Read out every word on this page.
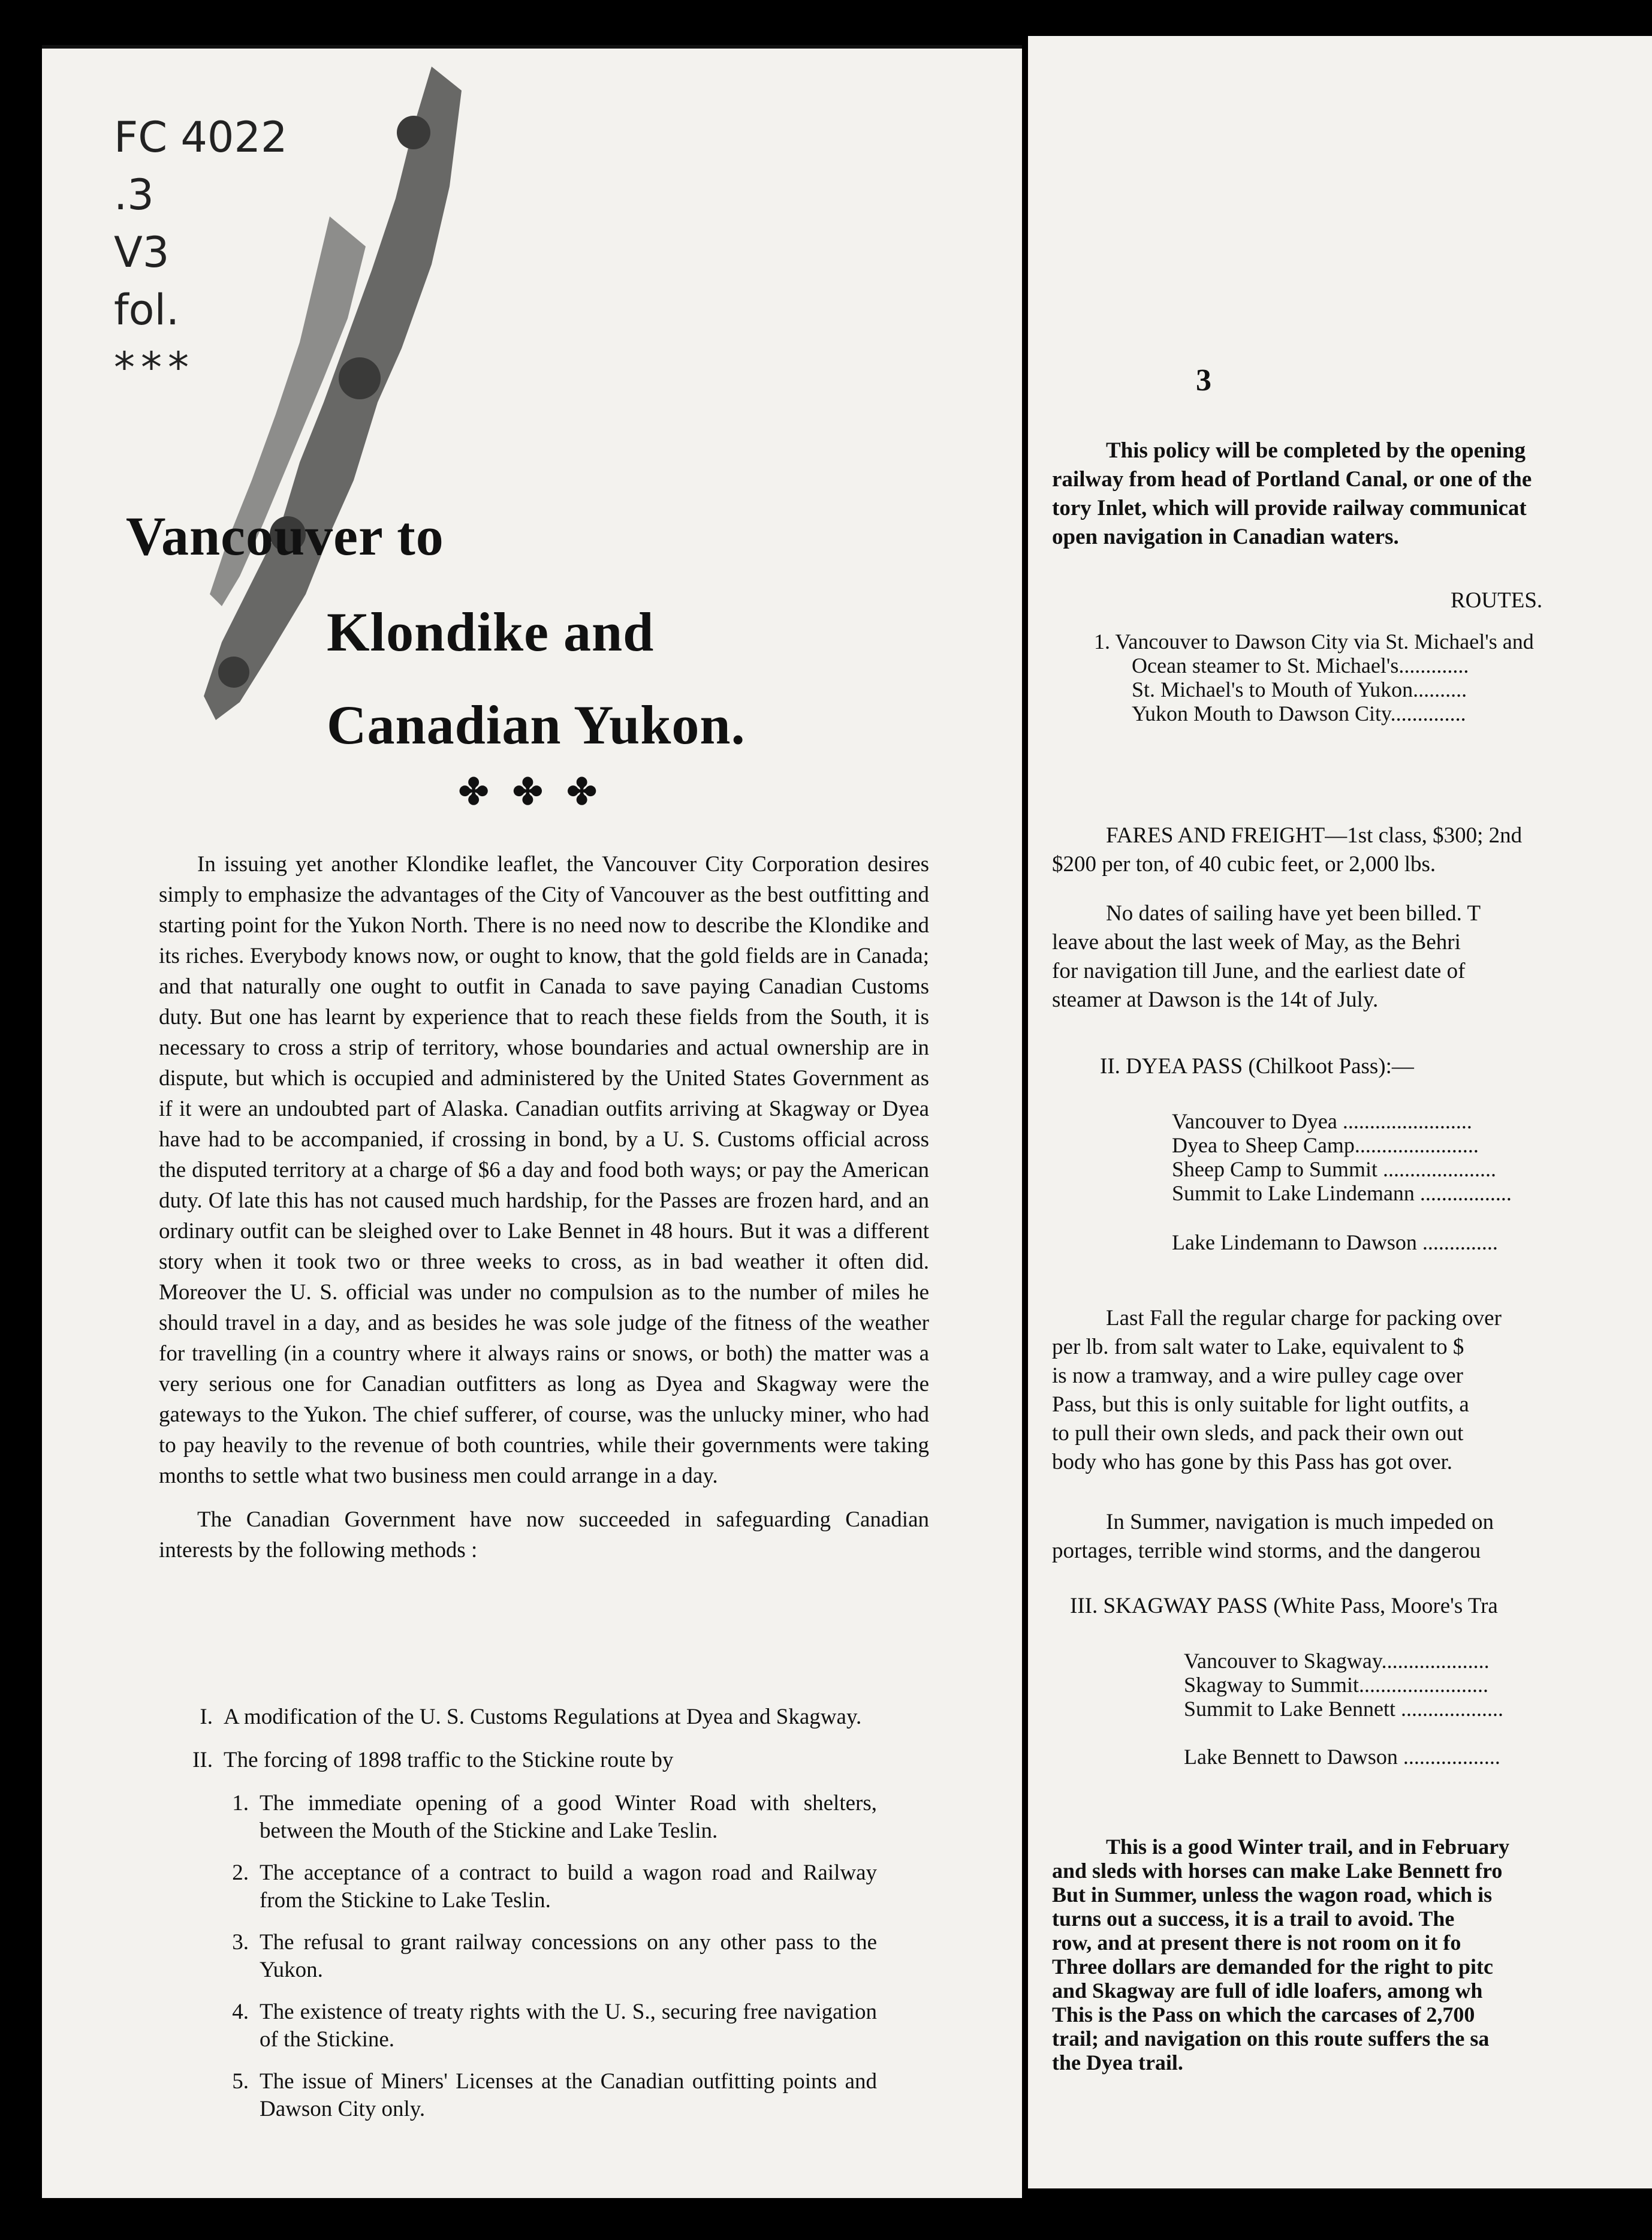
FC 4022
.3
V3
fol.
***
Vancouver to
Klondike and
Canadian Yukon.
✤✤✤

In issuing yet another Klondike leaflet, the Vancouver City Corporation desires simply to emphasize the advantages of the City of Vancouver as the best outfitting and starting point for the Yukon North. There is no need now to describe the Klondike and its riches. Everybody knows now, or ought to know, that the gold fields are in Canada; and that naturally one ought to outfit in Canada to save paying Canadian Customs duty. But one has learnt by experience that to reach these fields from the South, it is necessary to cross a strip of territory, whose boundaries and actual ownership are in dispute, but which is occupied and administered by the United States Government as if it were an undoubted part of Alaska. Canadian outfits arriving at Skagway or Dyea have had to be accompanied, if crossing in bond, by a U. S. Customs official across the disputed territory at a charge of $6 a day and food both ways; or pay the American duty. Of late this has not caused much hardship, for the Passes are frozen hard, and an ordinary outfit can be sleighed over to Lake Bennet in 48 hours. But it was a different story when it took two or three weeks to cross, as in bad weather it often did. Moreover the U. S. official was under no compulsion as to the number of miles he should travel in a day, and as besides he was sole judge of the fitness of the weather for travelling (in a country where it always rains or snows, or both) the matter was a very serious one for Canadian outfitters as long as Dyea and Skagway were the gateways to the Yukon. The chief sufferer, of course, was the unlucky miner, who had to pay heavily to the revenue of both countries, while their governments were taking months to settle what two business men could arrange in a day.

The Canadian Government have now succeeded in safeguarding Canadian interests by the following methods :

I. A modification of the U. S. Customs Regulations at Dyea and Skagway.
II. The forcing of 1898 traffic to the Stickine route by
1. The immediate opening of a good Winter Road with shelters, between the Mouth of the Stickine and Lake Teslin.
2. The acceptance of a contract to build a wagon road and Railway from the Stickine to Lake Teslin.
3. The refusal to grant railway concessions on any other pass to the Yukon.
4. The existence of treaty rights with the U. S., securing free navigation of the Stickine.
5. The issue of Miners' Licenses at the Canadian outfitting points and Dawson City only.
3
This policy will be completed by the opening
railway from head of Portland Canal, or one of the
tory Inlet, which will provide railway communicat
open navigation in Canadian waters.
ROUTES.
1. Vancouver to Dawson City via St. Michael's and
Ocean steamer to St. Michael's.............
St. Michael's to Mouth of Yukon..........
Yukon Mouth to Dawson City..............
FARES AND FREIGHT—1st class, $300; 2nd
$200 per ton, of 40 cubic feet, or 2,000 lbs.
No dates of sailing have yet been billed. T
leave about the last week of May, as the Behri
for navigation till June, and the earliest date of
steamer at Dawson is the 14t of July.
II. DYEA PASS (Chilkoot Pass):—
Vancouver to Dyea ........................
Dyea to Sheep Camp.......................
Sheep Camp to Summit .....................
Summit to Lake Lindemann .................
Lake Lindemann to Dawson ..............
Last Fall the regular charge for packing over
per lb. from salt water to Lake, equivalent to $
is now a tramway, and a wire pulley cage over
Pass, but this is only suitable for light outfits, a
to pull their own sleds, and pack their own out
body who has gone by this Pass has got over.
In Summer, navigation is much impeded on
portages, terrible wind storms, and the dangerou
III. SKAGWAY PASS (White Pass, Moore's Tra
Vancouver to Skagway....................
Skagway to Summit........................
Summit to Lake Bennett ...................
Lake Bennett to Dawson ..................
This is a good Winter trail, and in February
and sleds with horses can make Lake Bennett fro
But in Summer, unless the wagon road, which is
turns out a success, it is a trail to avoid. The
row, and at present there is not room on it fo
Three dollars are demanded for the right to pitc
and Skagway are full of idle loafers, among wh
This is the Pass on which the carcases of 2,700
trail; and navigation on this route suffers the sa
the Dyea trail.
